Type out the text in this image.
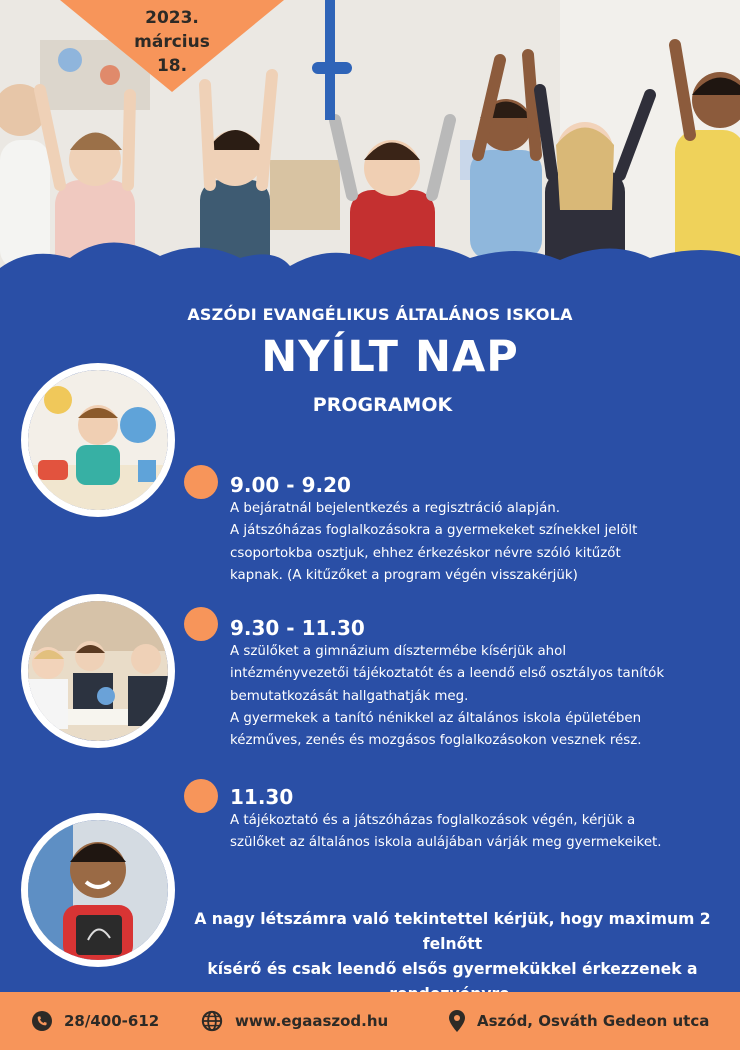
2023.
március
18.
ASZÓDI EVANGÉLIKUS ÁLTALÁNOS ISKOLA
NYÍLT NAP
PROGRAMOK
9.00 - 9.20

A bejáratnál bejelentkezés a regisztráció alapján.

A játszóházas foglalkozásokra a gyermekeket színekkel jelölt

csoportokba osztjuk, ehhez érkezéskor névre szóló kitűzőt

kapnak. (A kitűzőket a program végén visszakérjük)

9.30 - 11.30

A szülőket a gimnázium dísztermébe kísérjük ahol

intézményvezetői tájékoztatót és a leendő első osztályos tanítók

bemutatkozását hallgathatják meg.

A gyermekek a tanító nénikkel az általános iskola épületében

kézműves, zenés és mozgásos foglalkozásokon vesznek rész.

11.30

A tájékoztató és a játszóházas foglalkozások végén, kérjük a

szülőket az általános iskola aulájában várják meg gyermekeiket.

A nagy létszámra való tekintettel kérjük, hogy maximum 2 felnőtt
kísérő és csak leendő elsős gyermekükkel érkezzenek a
28/400-612	www.egaaszod.hu	Aszód, Osváth Gedeon utca
